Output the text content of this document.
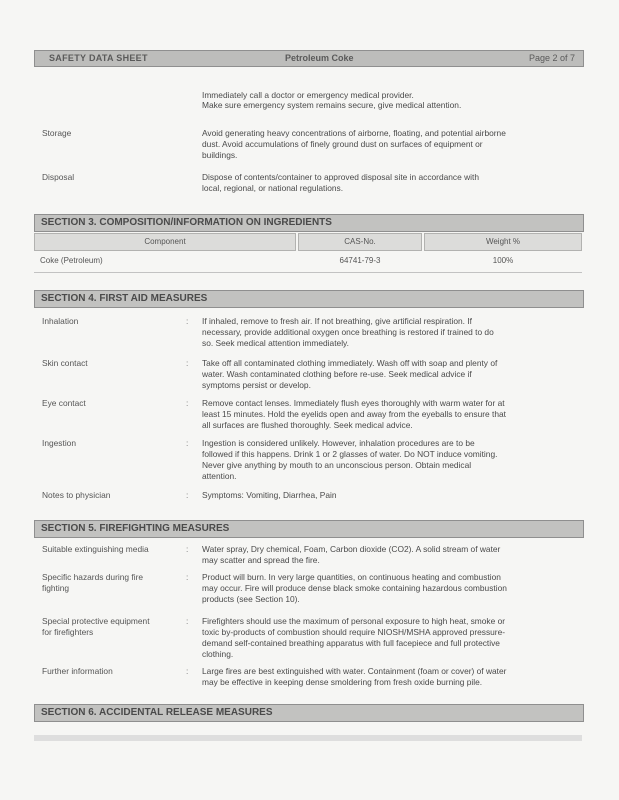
SAFETY DATA SHEET	Petroleum Coke	Page 2 of 7
Immediately call a doctor or emergency medical provider.
Make sure emergency system remains secure, give medical attention.
Storage	Avoid generating heavy concentrations of airborne, floating, and potential airborne
dust. Avoid accumulations of finely ground dust on surfaces of equipment or
buildings.
Disposal	Dispose of contents/container to approved disposal site in accordance with
local, regional, or national regulations.
SECTION 3. COMPOSITION/INFORMATION ON INGREDIENTS
Component	CAS-No.	Weight %
Coke (Petroleum)	64741-79-3	100%
SECTION 4. FIRST AID MEASURES
Inhalation	: If inhaled, remove to fresh air. If not breathing, give artificial respiration. If
necessary, provide additional oxygen once breathing is restored if trained to do
so. Seek medical attention immediately.
Skin contact	: Take off all contaminated clothing immediately. Wash off with soap and plenty of
water. Wash contaminated clothing before re-use. Seek medical advice if
symptoms persist or develop.
Eye contact	: Remove contact lenses. Immediately flush eyes thoroughly with warm water for at
least 15 minutes. Hold the eyelids open and away from the eyeballs to ensure that
all surfaces are flushed thoroughly. Seek medical advice.
Ingestion	: Ingestion is considered unlikely. However, inhalation procedures are to be
followed if this happens. Drink 1 or 2 glasses of water. Do NOT induce vomiting.
Never give anything by mouth to an unconscious person. Obtain medical
attention.
Notes to physician	: Symptoms: Vomiting, Diarrhea, Pain
SECTION 5. FIREFIGHTING MEASURES
Suitable extinguishing media	: Water spray, Dry chemical, Foam, Carbon dioxide (CO2). A solid stream of water
may scatter and spread the fire.
Specific hazards during fire
fighting
: Product will burn. In very large quantities, on continuous heating and combustion
may occur. Fire will produce dense black smoke containing hazardous combustion
products (see Section 10).
Special protective equipment
for firefighters
: Firefighters should use the maximum of personal exposure to high heat, smoke or
toxic by-products of combustion should require NIOSH/MSHA approved pressure-
demand self-contained breathing apparatus with full facepiece and full protective
clothing.
Further information	: Large fires are best extinguished with water. Containment (foam or cover) of water
may be effective in keeping dense smoldering from fresh oxide burning pile.
SECTION 6. ACCIDENTAL RELEASE MEASURES
